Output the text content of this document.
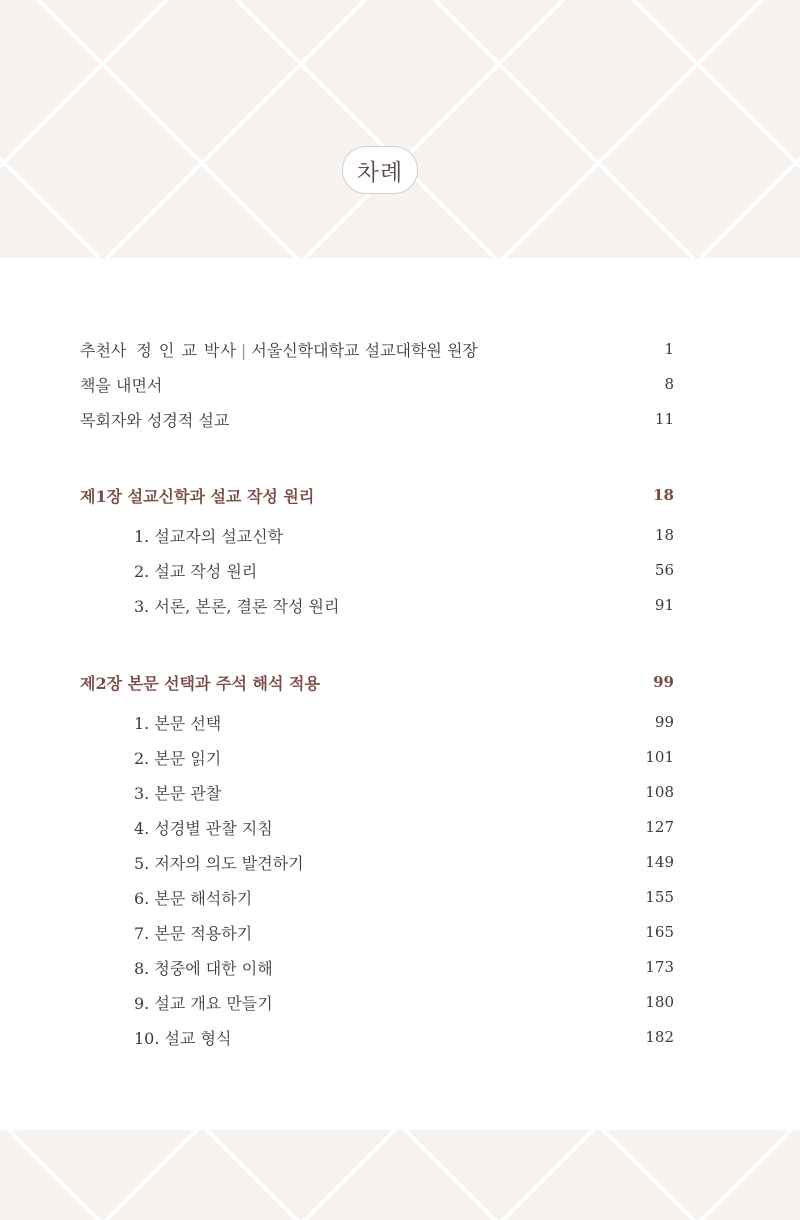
차례
추천사 정 인 교 박사 | 서울신학대학교 설교대학원 원장	1
책을 내면서	8
목회자와 성경적 설교	11
제1장 설교신학과 설교 작성 원리	18
1. 설교자의 설교신학	18
2. 설교 작성 원리	56
3. 서론, 본론, 결론 작성 원리	91
제2장 본문 선택과 주석 해석 적용	99
1. 본문 선택	99
2. 본문 읽기	101
3. 본문 관찰	108
4. 성경별 관찰 지침	127
5. 저자의 의도 발견하기	149
6. 본문 해석하기	155
7. 본문 적용하기	165
8. 청중에 대한 이해	173
9. 설교 개요 만들기	180
10. 설교 형식	182
